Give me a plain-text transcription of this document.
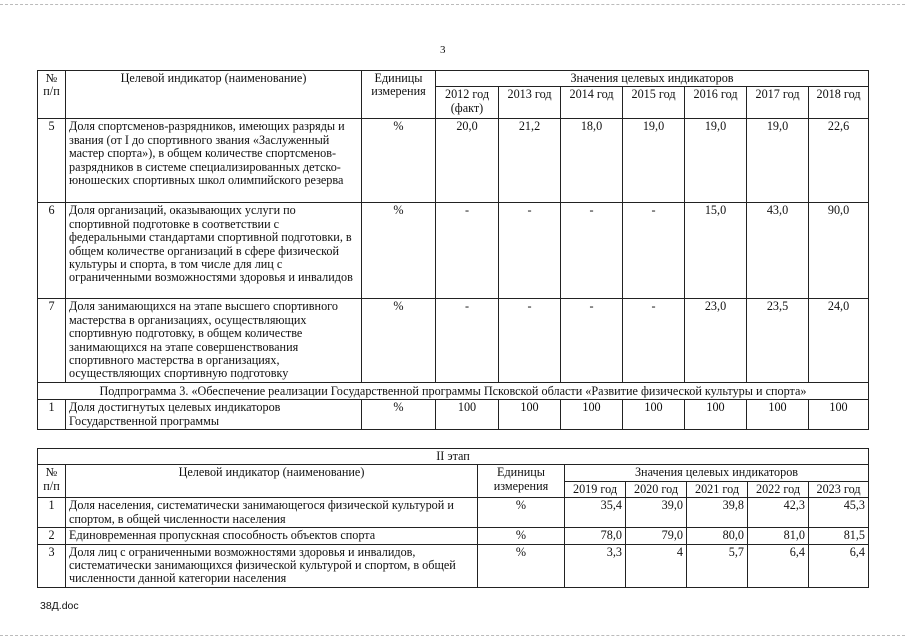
3
№
п/п	Целевой индикатор (наименование)	Единицы измерения	Значения целевых индикаторов						
			2012 год (факт)	2013 год	2014 год	2015 год	2016 год	2017 год	2018 год
5	Доля спортсменов-разрядников, имеющих разряды и звания (от I до спортивного звания «Заслуженный мастер спорта»), в общем количестве спортсменов-разрядников в системе специализированных детско-юношеских спортивных школ олимпийского резерва	%	20,0	21,2	18,0	19,0	19,0	19,0	22,6
6	Доля организаций, оказывающих услуги по спортивной подготовке в соответствии с федеральными стандартами спортивной подготовки, в общем количестве организаций в сфере физической культуры и спорта, в том числе для лиц с ограниченными возможностями здоровья и инвалидов	%	-	-	-	-	15,0	43,0	90,0
7	Доля занимающихся на этапе высшего спортивного мастерства в организациях, осуществляющих спортивную подготовку, в общем количестве занимающихся на этапе совершенствования спортивного мастерства в организациях, осуществляющих спортивную подготовку	%	-	-	-	-	23,0	23,5	24,0
Подпрограмма 3. «Обеспечение реализации Государственной программы Псковской области «Развитие физической культуры и спорта»									
1	Доля достигнутых целевых индикаторов Государственной программы	%	100	100	100	100	100	100	100
II этап							
№
п/п	Целевой индикатор (наименование)	Единицы измерения	Значения целевых индикаторов				
			2019 год	2020 год	2021 год	2022 год	2023 год
1	Доля населения, систематически занимающегося физической культурой и спортом, в общей численности населения	%	35,4	39,0	39,8	42,3	45,3
2	Единовременная пропускная способность объектов спорта	%	78,0	79,0	80,0	81,0	81,5
3	Доля лиц с ограниченными возможностями здоровья и инвалидов, систематически занимающихся физической культурой и спортом, в общей численности данной категории населения	%	3,3	4	5,7	6,4	6,4
38Д.doc
